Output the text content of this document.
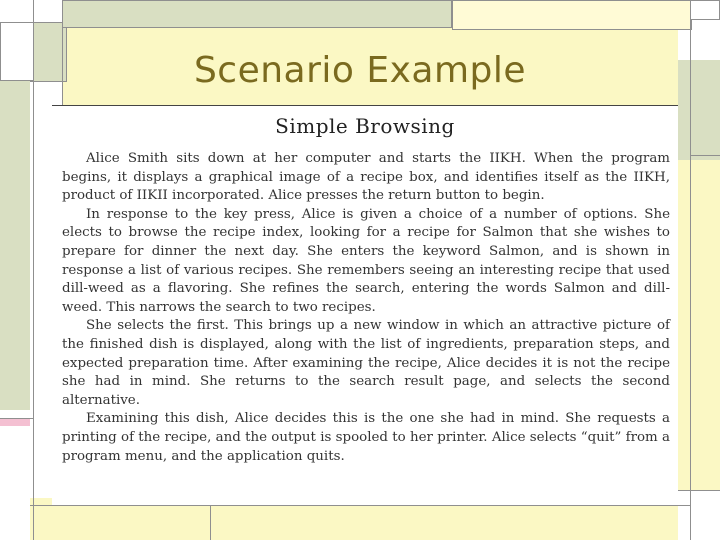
Scenario Example
Simple Browsing

Alice Smith sits down at her computer and starts the IIKH. When the program begins, it displays a graphical image of a recipe box, and identifies itself as the IIKH, product of IIKII incorporated. Alice presses the return button to begin.

In response to the key press, Alice is given a choice of a number of options. She elects to browse the recipe index, looking for a recipe for Salmon that she wishes to prepare for dinner the next day. She enters the keyword Salmon, and is shown in response a list of various recipes. She remembers seeing an interesting recipe that used dill-weed as a flavoring. She refines the search, entering the words Salmon and dill-weed. This narrows the search to two recipes.

She selects the first. This brings up a new window in which an attractive picture of the finished dish is displayed, along with the list of ingredients, preparation steps, and expected preparation time. After examining the recipe, Alice decides it is not the recipe she had in mind. She returns to the search result page, and selects the second alternative.

Examining this dish, Alice decides this is the one she had in mind. She requests a printing of the recipe, and the output is spooled to her printer. Alice selects “quit” from a program menu, and the application quits.
